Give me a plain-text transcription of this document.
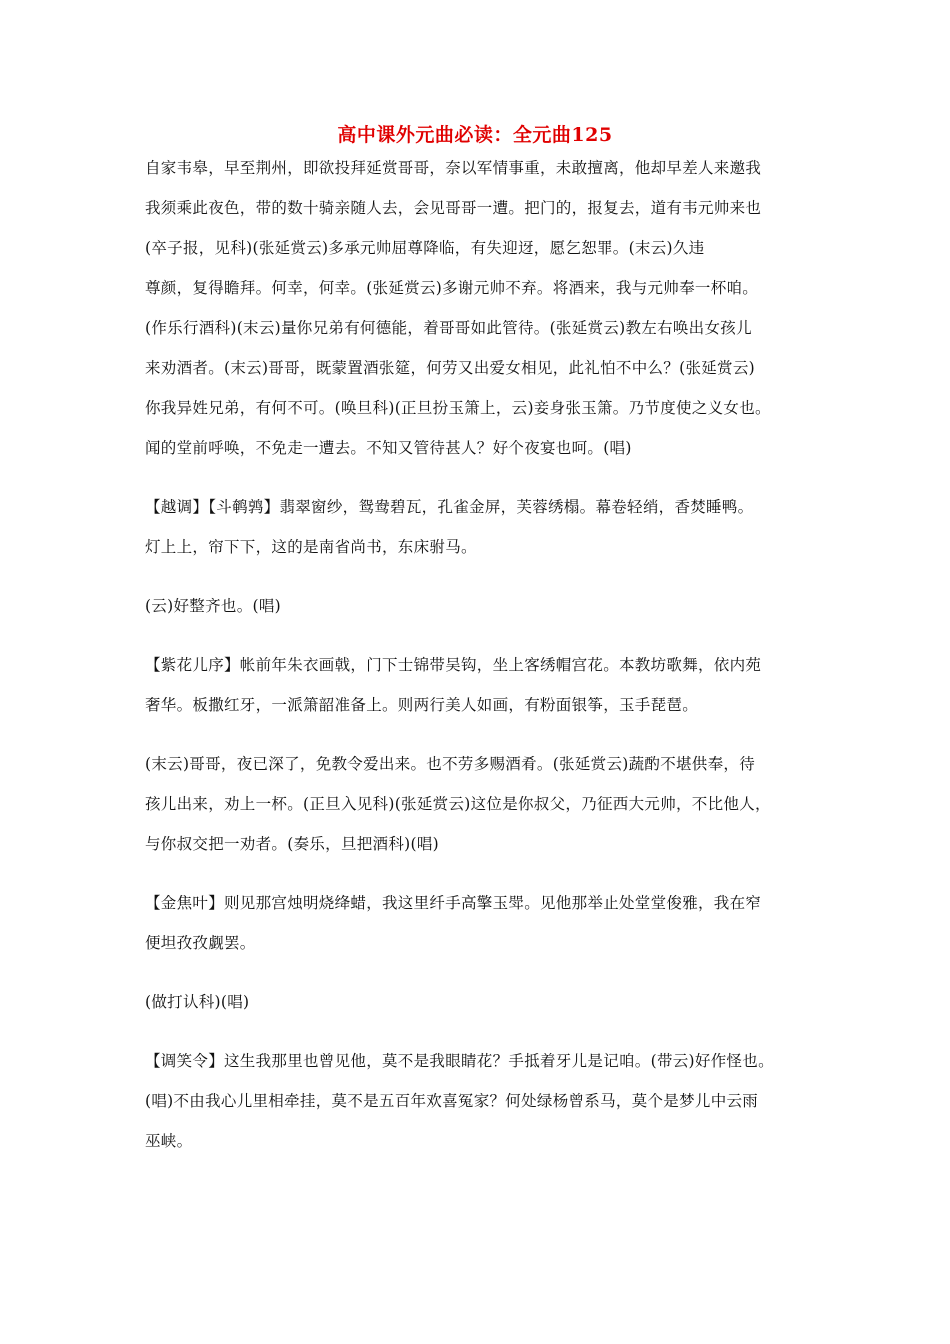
高中课外元曲必读：全元曲125
自家韦皋，早至荆州，即欲投拜延赏哥哥，奈以军情事重，未敢擅离，他却早差人来邀我
我须乘此夜色，带的数十骑亲随人去，会见哥哥一遭。把门的，报复去，道有韦元帅来也
(卒子报，见科)(张延赏云)多承元帅屈尊降临，有失迎迓，愿乞恕罪。(末云)久违
尊颜，复得瞻拜。何幸，何幸。(张延赏云)多谢元帅不弃。将酒来，我与元帅奉一杯咱。
(作乐行酒科)(末云)量你兄弟有何德能，着哥哥如此管待。(张延赏云)教左右唤出女孩儿
来劝酒者。(末云)哥哥，既蒙置酒张筵，何劳又出爱女相见，此礼怕不中么？(张延赏云)
你我异姓兄弟，有何不可。(唤旦科)(正旦扮玉箫上，云)妾身张玉箫。乃节度使之义女也。
闻的堂前呼唤，不免走一遭去。不知又管待甚人？好个夜宴也呵。(唱)
【越调】【斗鹌鹑】翡翠窗纱，鸳鸯碧瓦，孔雀金屏，芙蓉绣榻。幕卷轻绡，香焚睡鸭。
灯上上，帘下下，这的是南省尚书，东床驸马。
(云)好整齐也。(唱)
【紫花儿序】帐前年朱衣画戟，门下士锦带吴钩，坐上客绣帽宫花。本教坊歌舞，依内苑
奢华。板撒红牙，一派箫韶准备上。则两行美人如画，有粉面银筝，玉手琵琶。
(末云)哥哥，夜已深了，免教令爱出来。也不劳多赐酒肴。(张延赏云)蔬酌不堪供奉，待
孩儿出来，劝上一杯。(正旦入见科)(张延赏云)这位是你叔父，乃征西大元帅，不比他人，
与你叔交把一劝者。(奏乐，旦把酒科)(唱)
【金焦叶】则见那宫烛明烧绛蜡，我这里纤手高擎玉斝。见他那举止处堂堂俊雅，我在窄
便坦孜孜觑罢。
(做打认科)(唱)
【调笑令】这生我那里也曾见他，莫不是我眼睛花？手抵着牙儿是记咱。(带云)好作怪也。
(唱)不由我心儿里相牵挂，莫不是五百年欢喜冤家？何处绿杨曾系马，莫个是梦儿中云雨
巫峡。
